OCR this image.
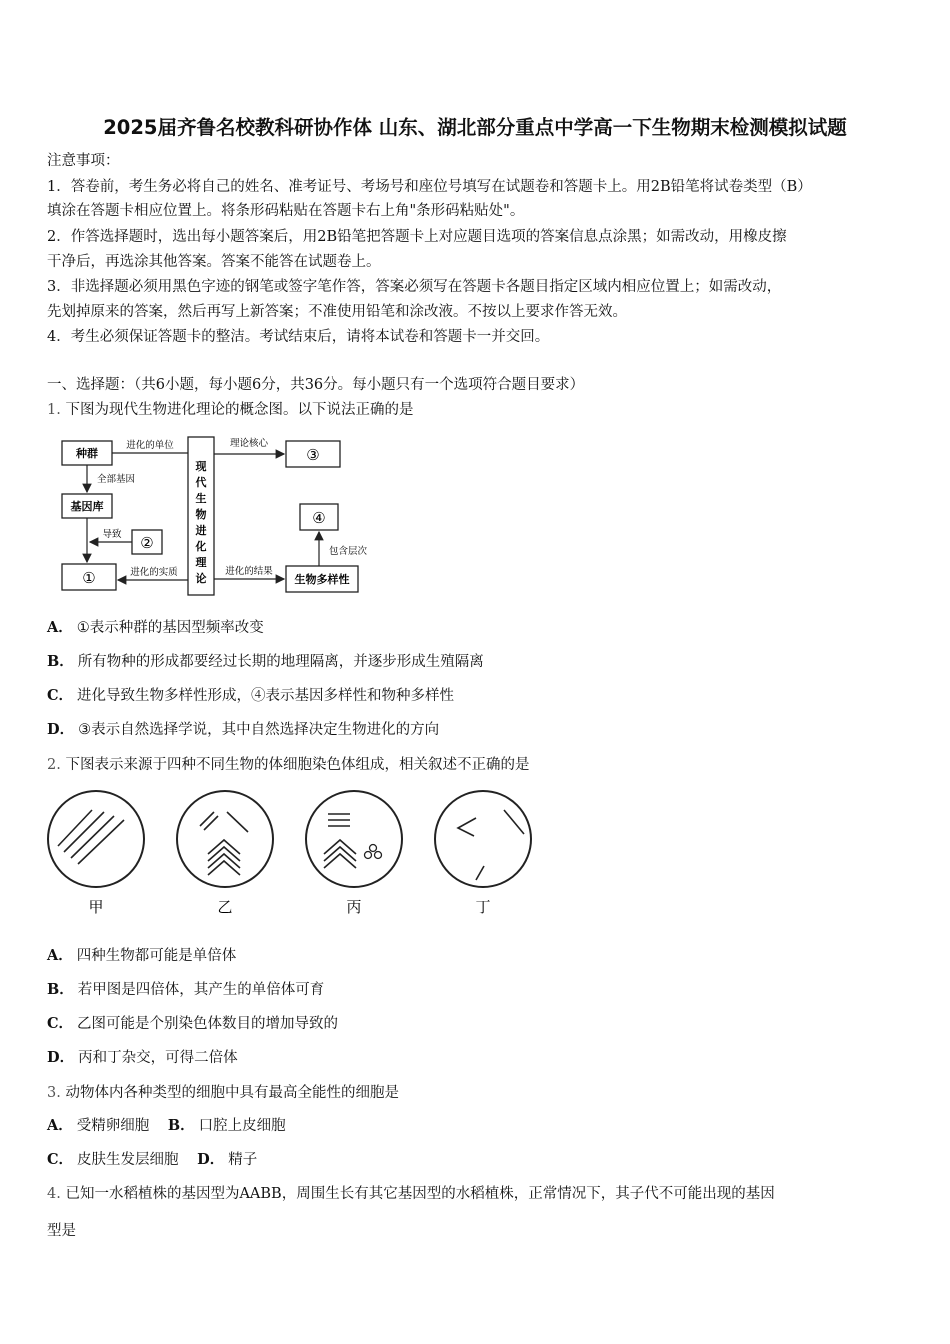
2025届齐鲁名校教科研协作体 山东、湖北部分重点中学高一下生物期末检测模拟试题
注意事项：
1．答卷前，考生务必将自己的姓名、准考证号、考场号和座位号填写在试题卷和答题卡上。用2B铅笔将试卷类型（B）
填涂在答题卡相应位置上。将条形码粘贴在答题卡右上角"条形码粘贴处"。
2．作答选择题时，选出每小题答案后，用2B铅笔把答题卡上对应题目选项的答案信息点涂黑；如需改动，用橡皮擦
干净后，再选涂其他答案。答案不能答在试题卷上。
3．非选择题必须用黑色字迹的钢笔或签字笔作答，答案必须写在答题卡各题目指定区域内相应位置上；如需改动，
先划掉原来的答案，然后再写上新答案；不准使用铅笔和涂改液。不按以上要求作答无效。
4．考生必须保证答题卡的整洁。考试结束后，请将本试卷和答题卡一并交回。
一、选择题：（共6小题，每小题6分，共36分。每小题只有一个选项符合题目要求）
1. 下图为现代生物进化理论的概念图。以下说法正确的是
种群
基因库
①
②
现
代
生
物
进
化
理
论
③
④
生物多样性
进化的单位
全部基因
导致
进化的实质
理论核心
进化的结果
包含层次
A． ①表示种群的基因型频率改变
B． 所有物种的形成都要经过长期的地理隔离，并逐步形成生殖隔离
C． 进化导致生物多样性形成，④表示基因多样性和物种多样性
D． ③表示自然选择学说，其中自然选择决定生物进化的方向
2. 下图表示来源于四种不同生物的体细胞染色体组成，相关叙述不正确的是
甲	乙	丙	丁
A． 四种生物都可能是单倍体
B． 若甲图是四倍体，其产生的单倍体可育
C． 乙图可能是个别染色体数目的增加导致的
D． 丙和丁杂交，可得二倍体
3. 动物体内各种类型的细胞中具有最高全能性的细胞是
A． 受精卵细胞 B． 口腔上皮细胞
C． 皮肤生发层细胞 D． 精子
4. 已知一水稻植株的基因型为AABB，周围生长有其它基因型的水稻植株，正常情况下，其子代不可能出现的基因
型是
